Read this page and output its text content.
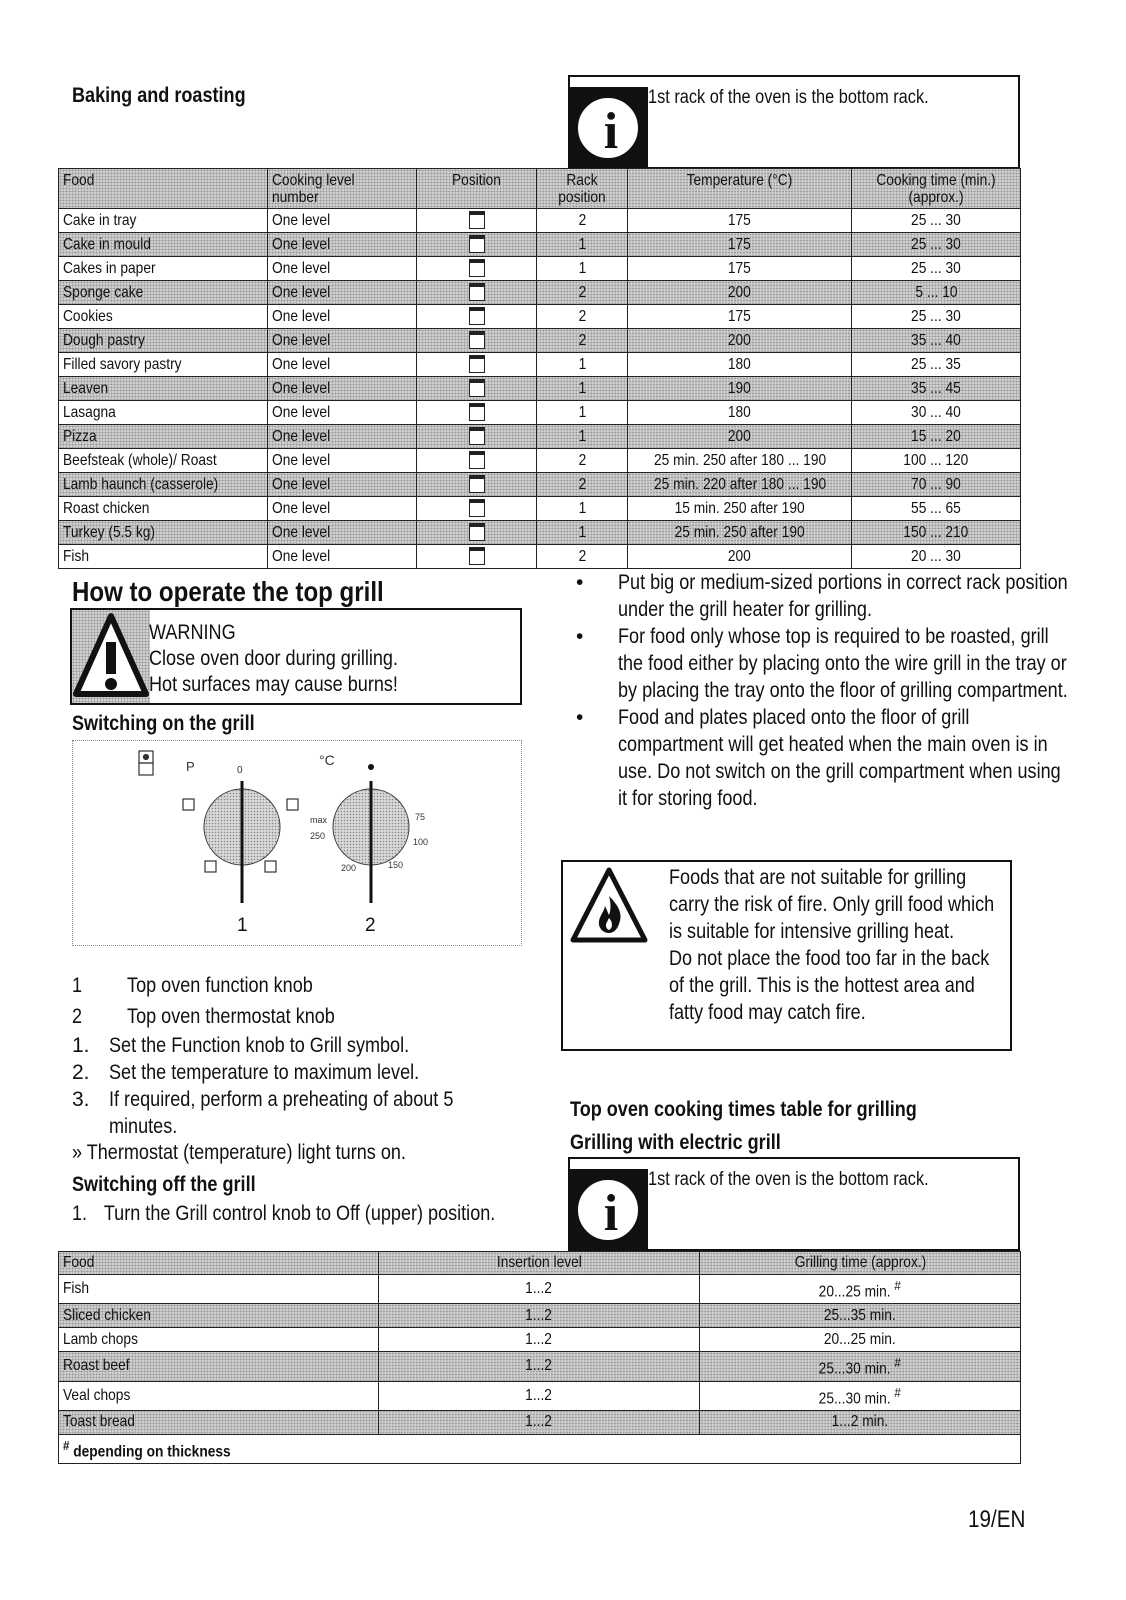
Baking and roasting
i
1st rack of the oven is the bottom rack.
Food	Cooking level number	Position	Rack position	Temperature (°C)	Cooking time (min.) (approx.)
Cake in tray	One level		2	175	25 ... 30
Cake in mould	One level		1	175	25 ... 30
Cakes in paper	One level		1	175	25 ... 30
Sponge cake	One level		2	200	5 ... 10
Cookies	One level		2	175	25 ... 30
Dough pastry	One level		2	200	35 ... 40
Filled savory pastry	One level		1	180	25 ... 35
Leaven	One level		1	190	35 ... 45
Lasagna	One level		1	180	30 ... 40
Pizza	One level		1	200	15 ... 20
Beefsteak (whole)/ Roast	One level		2	25 min. 250 after 180 ... 190	100 ... 120
Lamb haunch (casserole)	One level		2	25 min. 220 after 180 ... 190	70 ... 90
Roast chicken	One level		1	15 min. 250 after 190	55 ... 65
Turkey (5.5 kg)	One level		1	25 min. 250 after 190	150 ... 210
Fish	One level		2	200	20 ... 30
How to operate the top grill
WARNING
Close oven door during grilling.
Hot surfaces may cause burns!
Switching on the grill
P	°C
0
max
250
75
100
200	150
1	2
1 Top oven function knob
2 Top oven thermostat knob
1. Set the Function knob to Grill symbol.
2. Set the temperature to maximum level.
3. If required, perform a preheating of about 5 minutes.
» Thermostat (temperature) light turns on.
Switching off the grill
1. Turn the Grill control knob to Off (upper) position.
• Put big or medium-sized portions in correct rack position under the grill heater for grilling.
• For food only whose top is required to be roasted, grill the food either by placing onto the wire grill in the tray or by placing the tray onto the floor of grilling compartment.
• Food and plates placed onto the floor of grill compartment will get heated when the main oven is in use. Do not switch on the grill compartment when using it for storing food.
Foods that are not suitable for grilling carry the risk of fire. Only grill food which is suitable for intensive grilling heat. Do not place the food too far in the back of the grill. This is the hottest area and fatty food may catch fire.
Top oven cooking times table for grilling
Grilling with electric grill
i
1st rack of the oven is the bottom rack.
Food	Insertion level	Grilling time (approx.)
Fish	1...2	20...25 min. #
Sliced chicken	1...2	25...35 min.
Lamb chops	1...2	20...25 min.
Roast beef	1...2	25...30 min. #
Veal chops	1...2	25...30 min. #
Toast bread	1...2	1...2 min.
# depending on thickness		
19/EN
